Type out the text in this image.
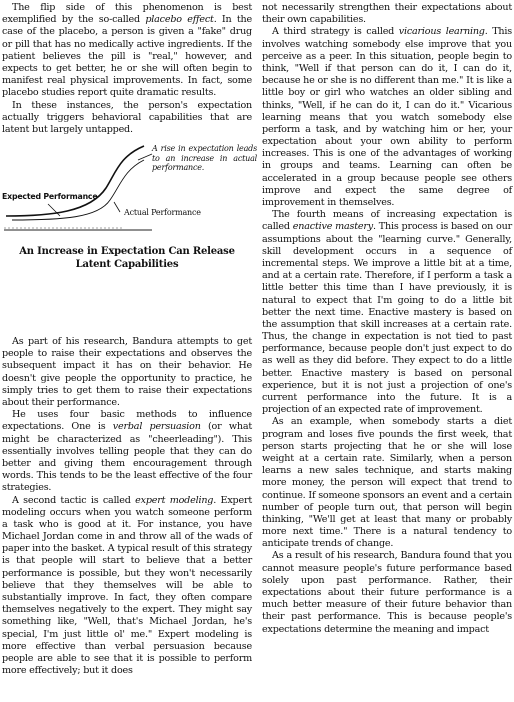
The flip side of this phenomenon is best exemplified by the so-called placebo effect. In the case of the placebo, a person is given a "fake" drug or pill that has no medically active ingredients. If the patient believes the pill is "real," however, and expects to get better, he or she will often begin to manifest real physical improvements. In fact, some placebo studies report quite dramatic results.

In these instances, the person's expectation actually triggers behavioral capabilities that are latent but largely untapped.

Expected Performance
A rise in expectation leads to an increase in actual performance.
Actual Performance
An Increase in Expectation Can Release Latent Capabilities

As part of his research, Bandura attempts to get people to raise their expectations and observes the subsequent impact it has on their behavior. He doesn't give people the opportunity to practice, he simply tries to get them to raise their expectations about their performance.

He uses four basic methods to influence expectations. One is verbal persuasion (or what might be characterized as "cheerleading"). This essentially involves telling people that they can do better and giving them encouragement through words. This tends to be the least effective of the four strategies.

A second tactic is called expert modeling. Expert modeling occurs when you watch someone perform a task who is good at it. For instance, you have Michael Jordan come in and throw all of the wads of paper into the basket. A typical result of this strategy is that people will start to believe that a better performance is possible, but they won't necessarily believe that they themselves will be able to substantially improve. In fact, they often compare themselves negatively to the expert. They might say something like, "Well, that's Michael Jordan, he's special, I'm just little ol' me." Expert modeling is more effective than verbal persuasion because people are able to see that it is possible to perform more effectively; but it does

not necessarily strengthen their expectations about their own capabilities.

A third strategy is called vicarious learning. This involves watching somebody else improve that you perceive as a peer. In this situation, people begin to think, "Well if that person can do it, I can do it, because he or she is no different than me." It is like a little boy or girl who watches an older sibling and thinks, "Well, if he can do it, I can do it." Vicarious learning means that you watch somebody else perform a task, and by watching him or her, your expectation about your own ability to perform increases. This is one of the advantages of working in groups and teams. Learning can often be accelerated in a group because people see others improve and expect the same degree of improvement in themselves.

The fourth means of increasing expectation is called enactive mastery. This process is based on our assumptions about the "learning curve." Generally, skill development occurs in a sequence of incremental steps. We improve a little bit at a time, and at a certain rate. Therefore, if I perform a task a little better this time than I have previously, it is natural to expect that I'm going to do a little bit better the next time. Enactive mastery is based on the assumption that skill increases at a certain rate. Thus, the change in expectation is not tied to past performance, because people don't just expect to do as well as they did before. They expect to do a little better. Enactive mastery is based on personal experience, but it is not just a projection of one's current performance into the future. It is a projection of an expected rate of improvement.

As an example, when somebody starts a diet program and loses five pounds the first week, that person starts projecting that he or she will lose weight at a certain rate. Similarly, when a person learns a new sales technique, and starts making more money, the person will expect that trend to continue. If someone sponsors an event and a certain number of people turn out, that person will begin thinking, "We'll get at least that many or probably more next time." There is a natural tendency to anticipate trends of change.

As a result of his research, Bandura found that you cannot measure people's future performance based solely upon past performance. Rather, their expectations about their future performance is a much better measure of their future behavior than their past performance. This is because people's expectations determine the meaning and impact
